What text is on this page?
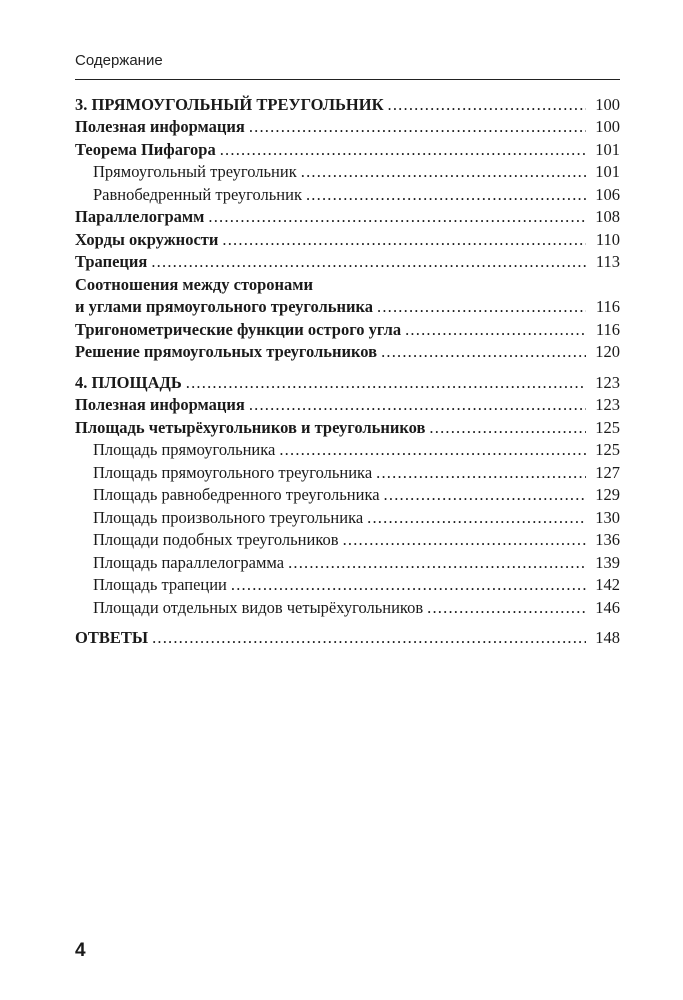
Содержание
3. ПРЯМОУГОЛЬНЫЙ ТРЕУГОЛЬНИК .....	100
Полезная информация .....	100
Теорема Пифагора .....	101
Прямоугольный треугольник .....	101
Равнобедренный треугольник .....	106
Параллелограмм .....	108
Хорды окружности .....	110
Трапеция .....	113
Соотношения между сторонами
и углами прямоугольного треугольника .....	116
Тригонометрические функции острого угла .....	116
Решение прямоугольных треугольников .....	120
4. ПЛОЩАДЬ .....	123
Полезная информация .....	123
Площадь четырёхугольников и треугольников .....	125
Площадь прямоугольника .....	125
Площадь прямоугольного треугольника .....	127
Площадь равнобедренного треугольника .....	129
Площадь произвольного треугольника .....	130
Площади подобных треугольников .....	136
Площадь параллелограмма .....	139
Площадь трапеции .....	142
Площади отдельных видов четырёхугольников .....	146
ОТВЕТЫ .....	148
4
